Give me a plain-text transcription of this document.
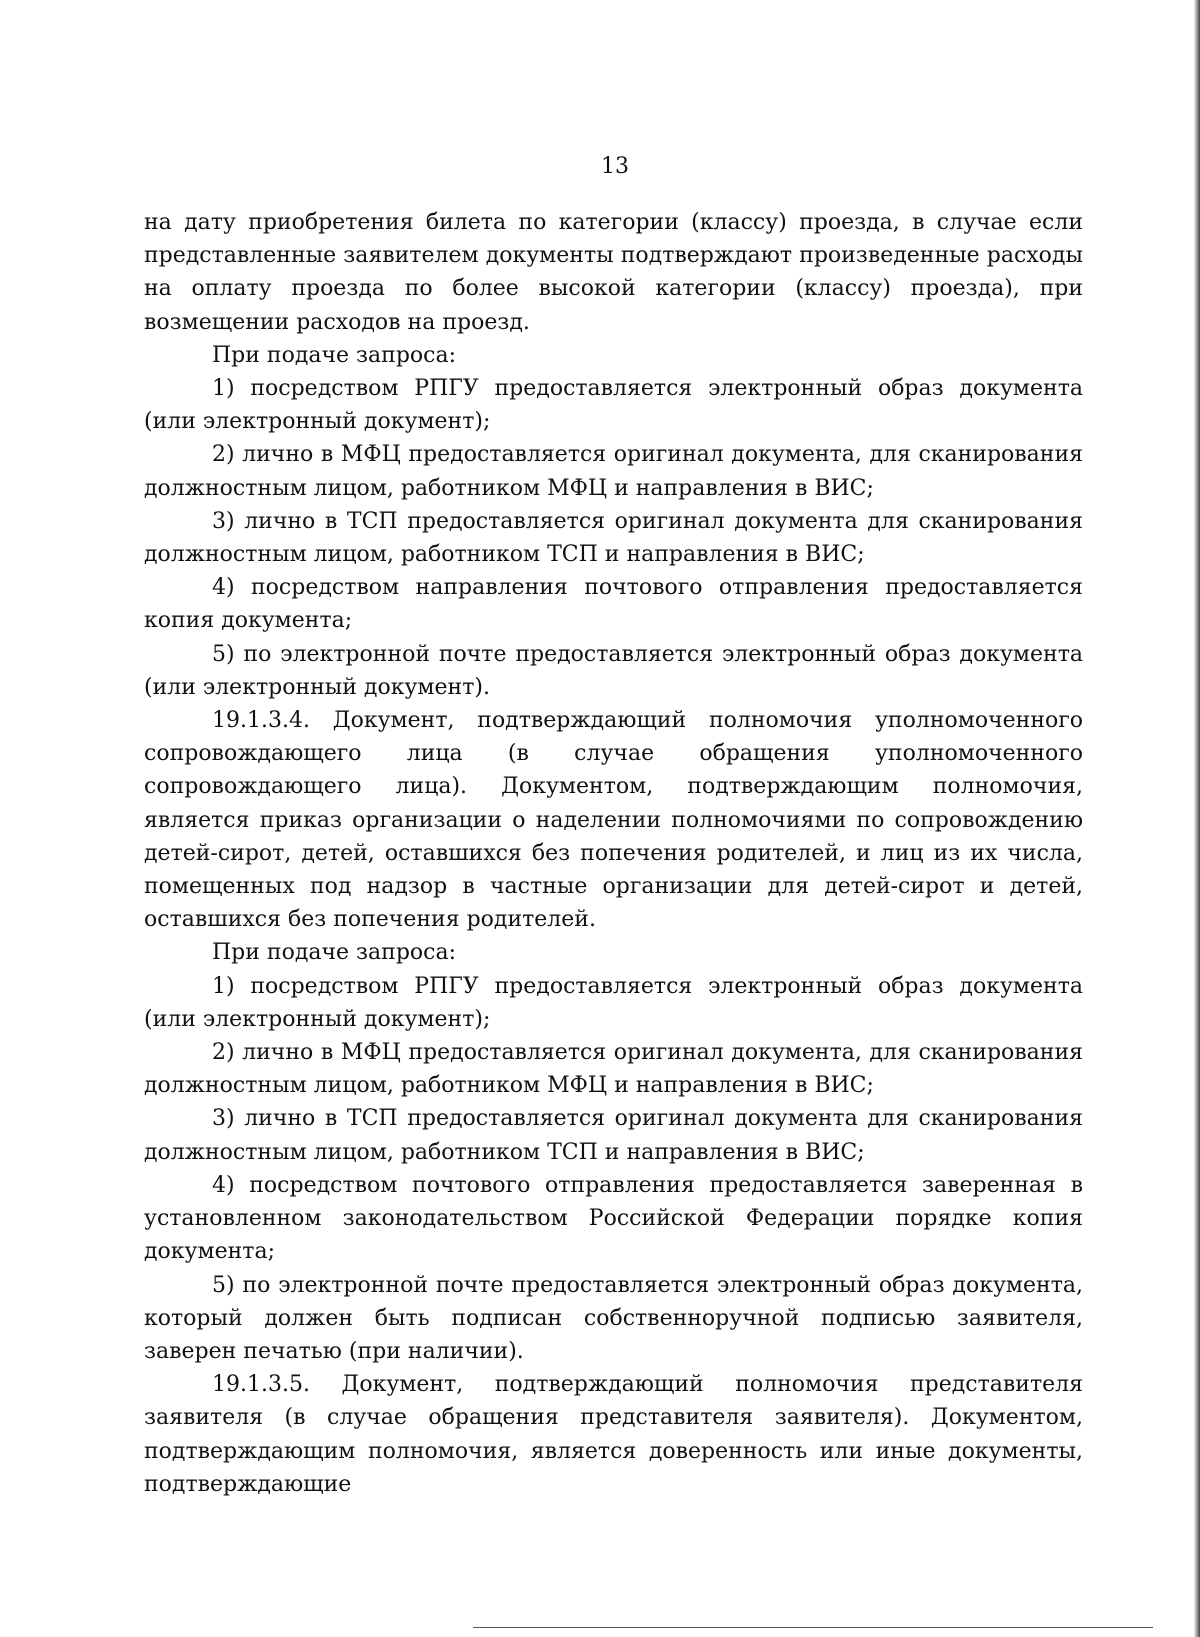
13

на дату приобретения билета по категории (классу) проезда, в случае если представленные заявителем документы подтверждают произведенные расходы на оплату проезда по более высокой категории (классу) проезда), при возмещении расходов на проезд.

При подаче запроса:

1) посредством РПГУ предоставляется электронный образ документа (или электронный документ);

2) лично в МФЦ предоставляется оригинал документа, для сканирования должностным лицом, работником МФЦ и направления в ВИС;

3) лично в ТСП предоставляется оригинал документа для сканирования должностным лицом, работником ТСП и направления в ВИС;

4) посредством направления почтового отправления предоставляется копия документа;

5) по электронной почте предоставляется электронный образ документа (или электронный документ).

19.1.3.4. Документ, подтверждающий полномочия уполномоченного сопровождающего лица (в случае обращения уполномоченного сопровождающего лица). Документом, подтверждающим полномочия, является приказ организации о наделении полномочиями по сопровождению детей-сирот, детей, оставшихся без попечения родителей, и лиц из их числа, помещенных под надзор в частные организации для детей-сирот и детей, оставшихся без попечения родителей.

При подаче запроса:

1) посредством РПГУ предоставляется электронный образ документа (или электронный документ);

2) лично в МФЦ предоставляется оригинал документа, для сканирования должностным лицом, работником МФЦ и направления в ВИС;

3) лично в ТСП предоставляется оригинал документа для сканирования должностным лицом, работником ТСП и направления в ВИС;

4) посредством почтового отправления предоставляется заверенная в установленном законодательством Российской Федерации порядке копия документа;

5) по электронной почте предоставляется электронный образ документа, который должен быть подписан собственноручной подписью заявителя, заверен печатью (при наличии).

19.1.3.5. Документ, подтверждающий полномочия представителя заявителя (в случае обращения представителя заявителя). Документом, подтверждающим полномочия, является доверенность или иные документы, подтверждающие
